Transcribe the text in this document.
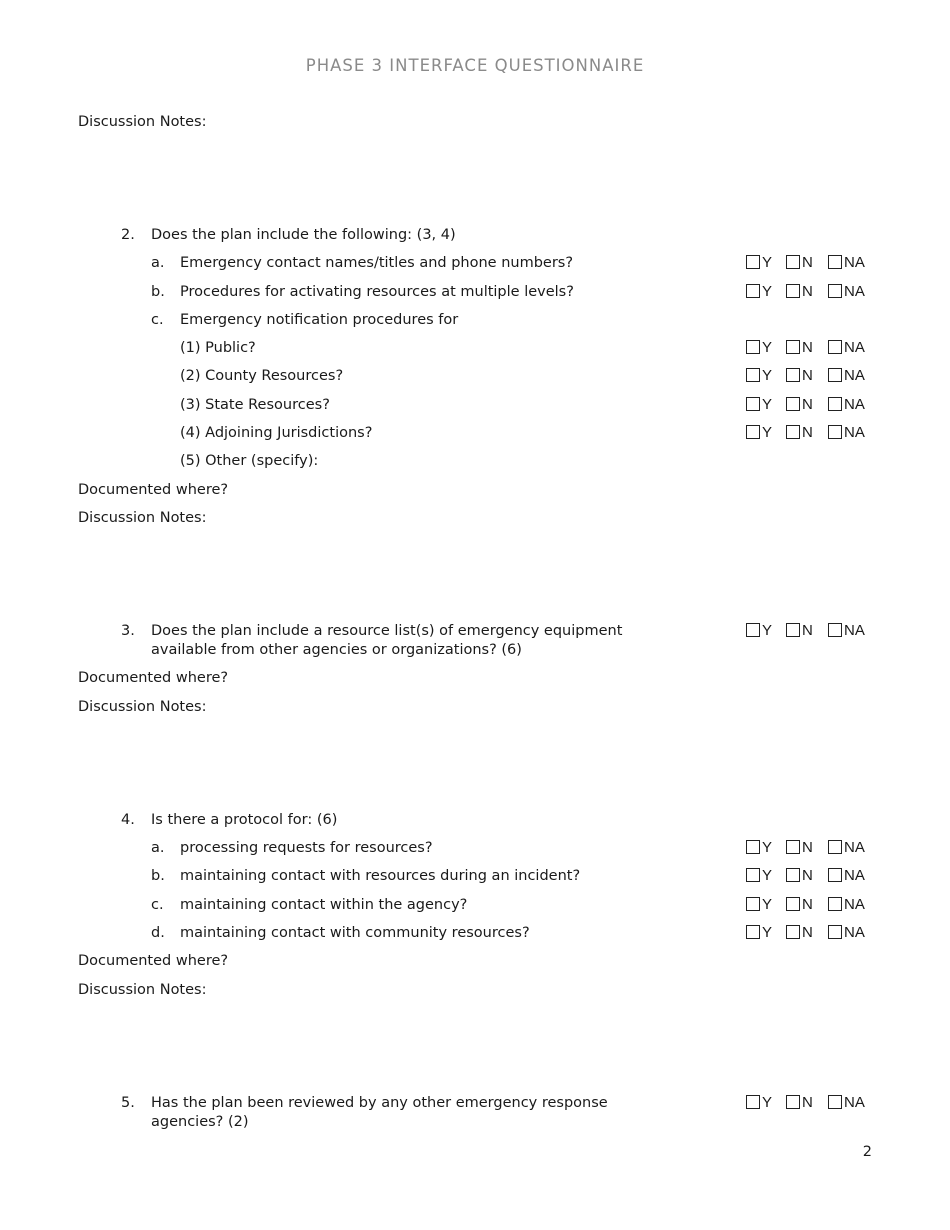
PHASE 3 INTERFACE QUESTIONNAIRE
Discussion Notes:
2. Does the plan include the following: (3, 4)
a. Emergency contact names/titles and phone numbers?	Y N NA
b. Procedures for activating resources at multiple levels?	Y N NA
c. Emergency notification procedures for
(1) Public?	Y N NA
(2) County Resources?	Y N NA
(3) State Resources?	Y N NA
(4) Adjoining Jurisdictions?	Y N NA
(5) Other (specify):
Documented where?
Discussion Notes:
3. Does the plan include a resource list(s) of emergency equipment
available from other agencies or organizations? (6)
Y N NA
Documented where?
Discussion Notes:
4. Is there a protocol for: (6)
a. processing requests for resources?	Y N NA
b. maintaining contact with resources during an incident?	Y N NA
c. maintaining contact within the agency?	Y N NA
d. maintaining contact with community resources?	Y N NA
Documented where?
Discussion Notes:
5. Has the plan been reviewed by any other emergency response
agencies? (2)
Y N NA
2
